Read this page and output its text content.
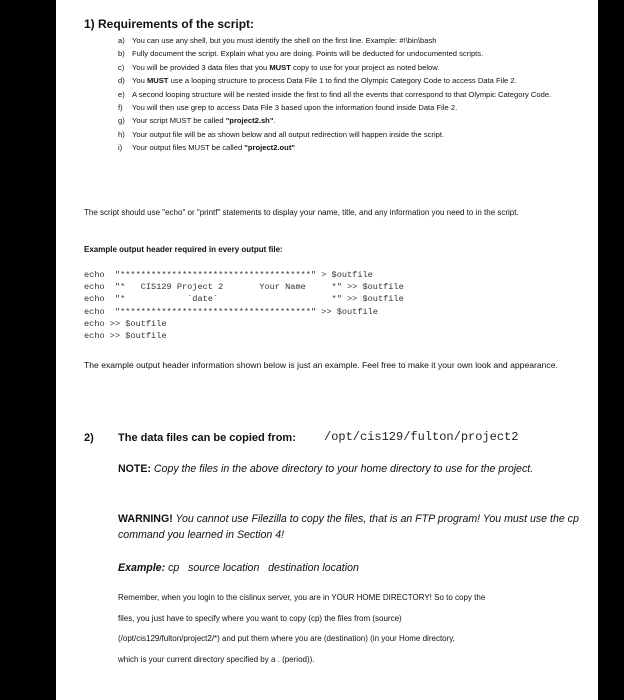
1) Requirements of the script:
a) You can use any shell, but you must identify the shell on the first line. Example: #!\bin\bash
b) Fully document the script. Explain what you are doing. Points will be deducted for undocumented scripts.
c) You will be provided 3 data files that you MUST copy to use for your project as noted below.
d) You MUST use a looping structure to process Data File 1 to find the Olympic Category Code to access Data File 2.
e) A second looping structure will be nested inside the first to find all the events that correspond to that Olympic Category Code.
f) You will then use grep to access Data File 3 based upon the information found inside Data File 2.
g) Your script MUST be called "project2.sh".
h) Your output file will be as shown below and all output redirection will happen inside the script.
i) Your output files MUST be called "project2.out"
The script should use "echo" or "printf" statements to display your name, title, and any information you need to in the script.
Example output header required in every output file:
echo  "*************************************" > $outfile
echo  "*   CIS129 Project 2       Your Name     *" >> $outfile
echo  "*            `date`                      *" >> $outfile
echo  "*************************************" >> $outfile
echo >> $outfile
echo >> $outfile
The example output header information shown below is just an example. Feel free to make it your own look and appearance.
2) The data files can be copied from: /opt/cis129/fulton/project2
NOTE: Copy the files in the above directory to your home directory to use for the project.
WARNING! You cannot use Filezilla to copy the files, that is an FTP program! You must use the cp command you learned in Section 4!
Example: cp   source location   destination location
Remember, when you login to the cislinux server, you are in YOUR HOME DIRECTORY! So to copy the
files, you just have to specify where you want to copy (cp) the files from (source)
(/opt/cis129/fulton/project2/*) and put them where you are (destination) (in your Home directory,
which is your current directory specified by a . (period)).
